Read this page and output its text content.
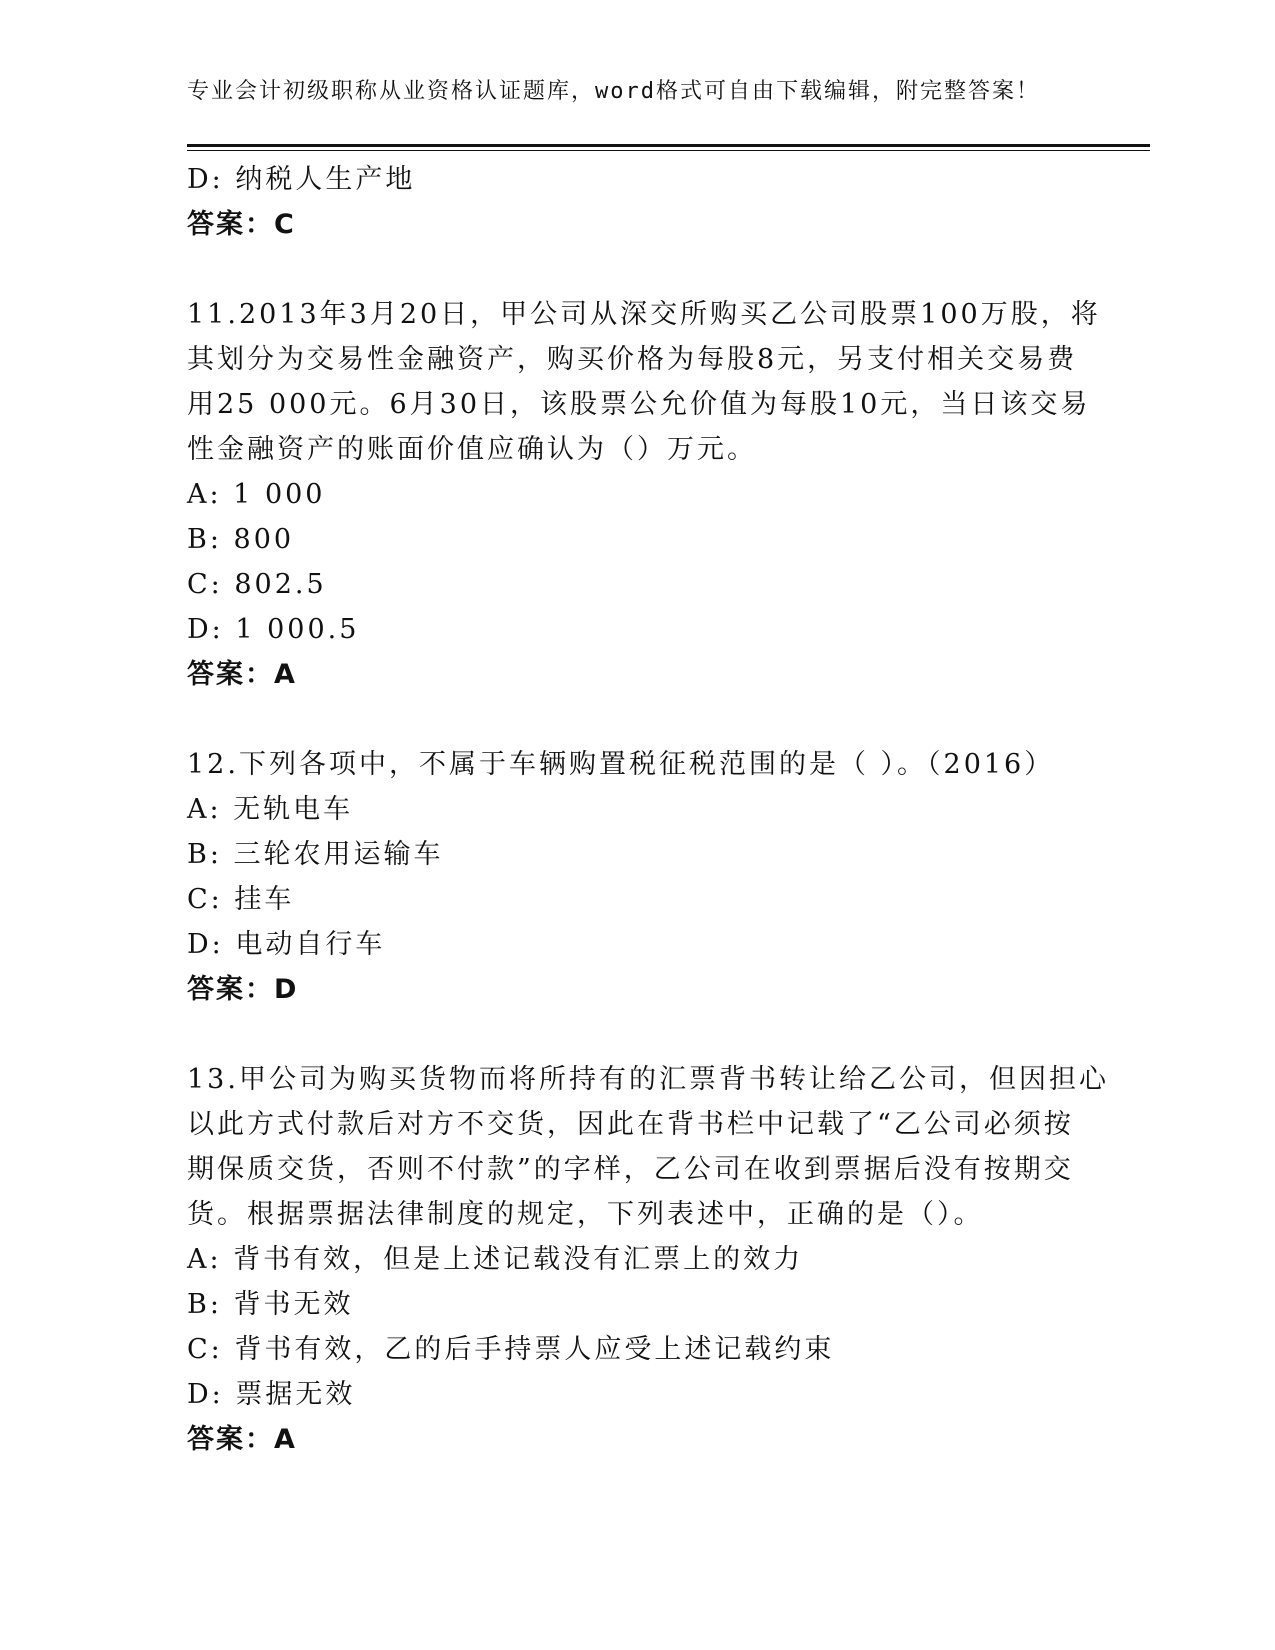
专业会计初级职称从业资格认证题库，word格式可自由下载编辑，附完整答案！
D: 纳税人生产地
答案：C
11.2013年3月20日，甲公司从深交所购买乙公司股票100万股，将
其划分为交易性金融资产，购买价格为每股8元，另支付相关交易费
用25 000元。6月30日，该股票公允价值为每股10元，当日该交易
性金融资产的账面价值应确认为（）万元。
A: 1 000
B: 800
C: 802.5
D: 1 000.5
答案：A
12.下列各项中，不属于车辆购置税征税范围的是（ ）。（2016）
A: 无轨电车
B: 三轮农用运输车
C: 挂车
D: 电动自行车
答案：D
13.甲公司为购买货物而将所持有的汇票背书转让给乙公司，但因担心
以此方式付款后对方不交货，因此在背书栏中记载了“乙公司必须按
期保质交货，否则不付款”的字样，乙公司在收到票据后没有按期交
货。根据票据法律制度的规定，下列表述中，正确的是（）。
A: 背书有效，但是上述记载没有汇票上的效力
B: 背书无效
C: 背书有效，乙的后手持票人应受上述记载约束
D: 票据无效
答案：A
